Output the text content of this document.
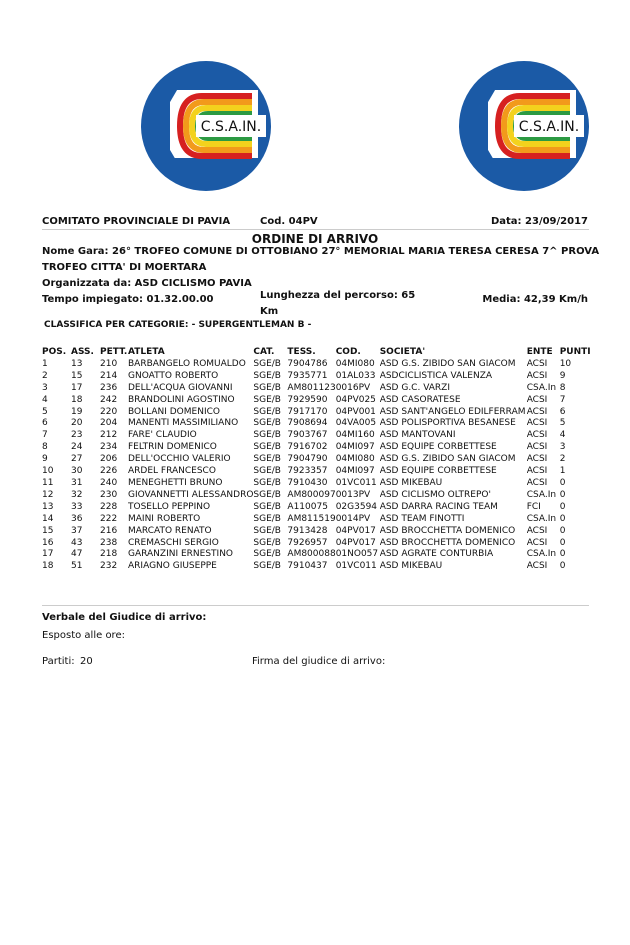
C.S.A.IN.	C.S.A.IN.
COMITATO PROVINCIALE DI PAVIA	Cod. 04PV	Data: 23/09/2017
ORDINE DI ARRIVO
Nome Gara: 26° TROFEO COMUNE DI OTTOBIANO 27° MEMORIAL MARIA TERESA CERESA 7^ PROVA
TROFEO CITTA' DI MOERTARA
Organizzata da: ASD CICLISMO PAVIA
Tempo impiegato: 01.32.00.00	Lunghezza del percorso: 65
Km
Media: 42,39 Km/h
CLASSIFICA PER CATEGORIE: - SUPERGENTLEMAN B -
POS.	ASS.	PETT.	ATLETA	CAT.	TESS.	COD.	SOCIETA'	ENTE	PUNTI
1	13	210	BARBANGELO ROMUALDO	SGE/B	7904786	04MI080	ASD G.S. ZIBIDO SAN GIACOM	ACSI	10
2	15	214	GNOATTO ROBERTO	SGE/B	7935771	01AL033	ASDCICLISTICA VALENZA	ACSI	9
3	17	236	DELL'ACQUA GIOVANNI	SGE/B	AM801123	0016PV	ASD G.C. VARZI	CSA.In	8
4	18	242	BRANDOLINI AGOSTINO	SGE/B	7929590	04PV025	ASD CASORATESE	ACSI	7
5	19	220	BOLLANI DOMENICO	SGE/B	7917170	04PV001	ASD SANT'ANGELO EDILFERRAM	ACSI	6
6	20	204	MANENTI MASSIMILIANO	SGE/B	7908694	04VA005	ASD POLISPORTIVA BESANESE	ACSI	5
7	23	212	FARE' CLAUDIO	SGE/B	7903767	04MI160	ASD MANTOVANI	ACSI	4
8	24	234	FELTRIN DOMENICO	SGE/B	7916702	04MI097	ASD EQUIPE CORBETTESE	ACSI	3
9	27	206	DELL'OCCHIO VALERIO	SGE/B	7904790	04MI080	ASD G.S. ZIBIDO SAN GIACOM	ACSI	2
10	30	226	ARDEL FRANCESCO	SGE/B	7923357	04MI097	ASD EQUIPE CORBETTESE	ACSI	1
11	31	240	MENEGHETTI BRUNO	SGE/B	7910430	01VC011	ASD MIKEBAU	ACSI	0
12	32	230	GIOVANNETTI ALESSANDRO	SGE/B	AM800097	0013PV	ASD CICLISMO OLTREPO'	CSA.In	0
13	33	228	TOSELLO PEPPINO	SGE/B	A110075	02G3594	ASD DARRA RACING TEAM	FCI	0
14	36	222	MAINI ROBERTO	SGE/B	AM811519	0014PV	ASD TEAM FINOTTI	CSA.In	0
15	37	216	MARCATO RENATO	SGE/B	7913428	04PV017	ASD BROCCHETTA DOMENICO	ACSI	0
16	43	238	CREMASCHI SERGIO	SGE/B	7926957	04PV017	ASD BROCCHETTA DOMENICO	ACSI	0
17	47	218	GARANZINI ERNESTINO	SGE/B	AM800088	01NO057	ASD AGRATE CONTURBIA	CSA.In	0
18	51	232	ARIAGNO GIUSEPPE	SGE/B	7910437	01VC011	ASD MIKEBAU	ACSI	0
Verbale del Giudice di arrivo:
Esposto alle ore:
Partiti: 20	Firma del giudice di arrivo:
